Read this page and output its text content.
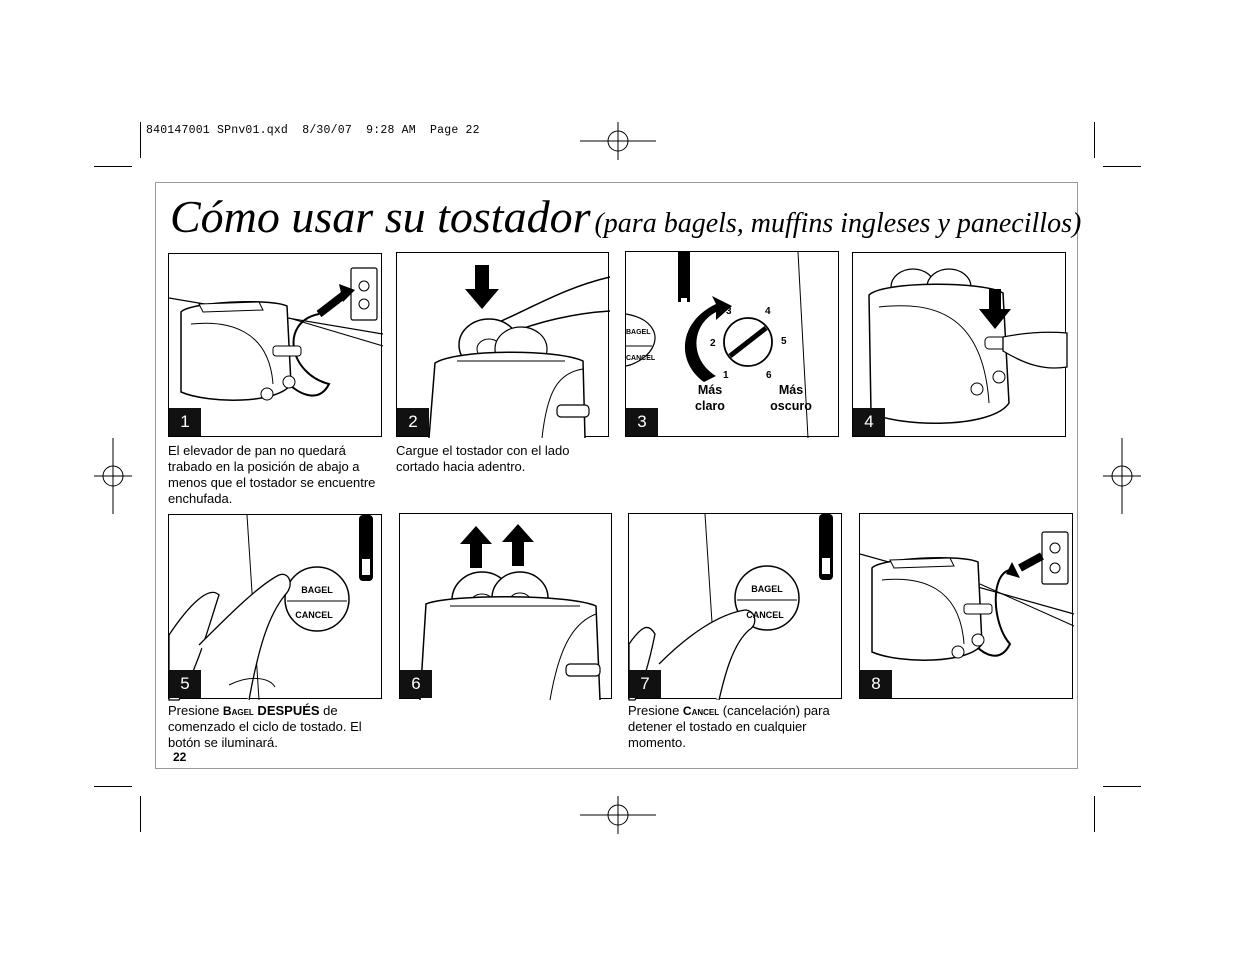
840147001 SPnv01.qxd  8/30/07  9:28 AM  Page 22
Cómo usar su tostador (para bagels, muffins ingleses y panecillos)
1
El elevador de pan no quedará trabado en la posición de abajo a menos que el tostador se encuentre enchufada.
2
Cargue el tostador con el lado cortado hacia adentro.
BAGEL
CANCEL
1
2
3	4
5
6
Más claro
Más oscuro
3	4
BAGEL
CANCEL
5
Presione Bagel DESPUÉS de comenzado el ciclo de tostado. El botón se iluminará.
6
BAGEL
CANCEL
7
Presione Cancel (cancelación) para detener el tostado en cualquier momento.
8
22
